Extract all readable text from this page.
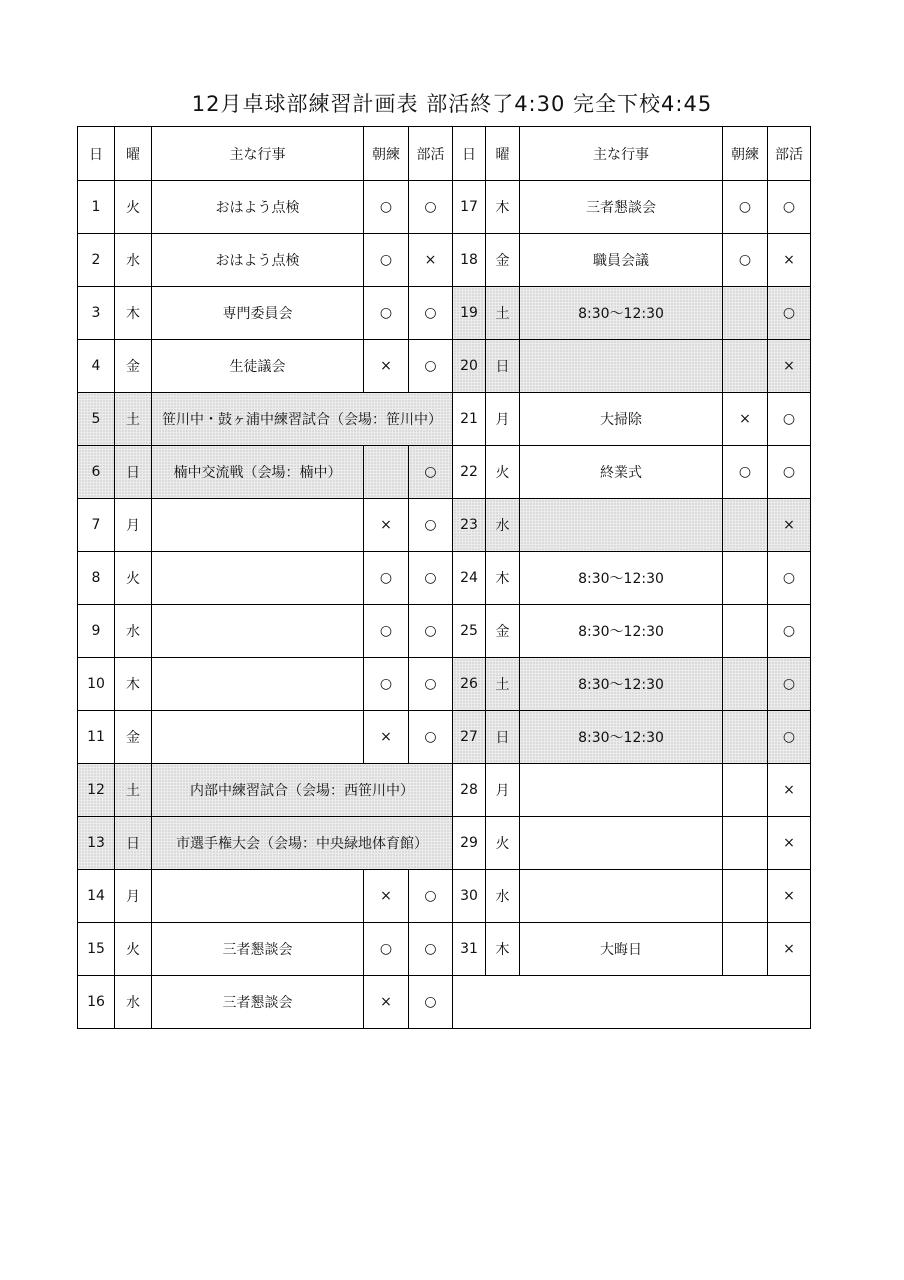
12月卓球部練習計画表 部活終了4:30 完全下校4:45
日	曜	主な行事	朝練	部活	日	曜	主な行事	朝練	部活
1	火	おはよう点検	○	○	17	木	三者懇談会	○	○
2	水	おはよう点検	○	×	18	金	職員会議	○	×
3	木	専門委員会	○	○	19	土	8:30～12:30		○
4	金	生徒議会	×	○	20	日			×
5	土	笹川中・鼓ヶ浦中練習試合（会場：笹川中）			21	月	大掃除	×	○
6	日	楠中交流戦（会場：楠中）		○	22	火	終業式	○	○
7	月		×	○	23	水			×
8	火		○	○	24	木	8:30～12:30		○
9	水		○	○	25	金	8:30～12:30		○
10	木		○	○	26	土	8:30～12:30		○
11	金		×	○	27	日	8:30～12:30		○
12	土	内部中練習試合（会場：西笹川中）			28	月			×
13	日	市選手権大会（会場：中央緑地体育館）			29	火			×
14	月		×	○	30	水			×
15	火	三者懇談会	○	○	31	木	大晦日		×
16	水	三者懇談会	×	○					
